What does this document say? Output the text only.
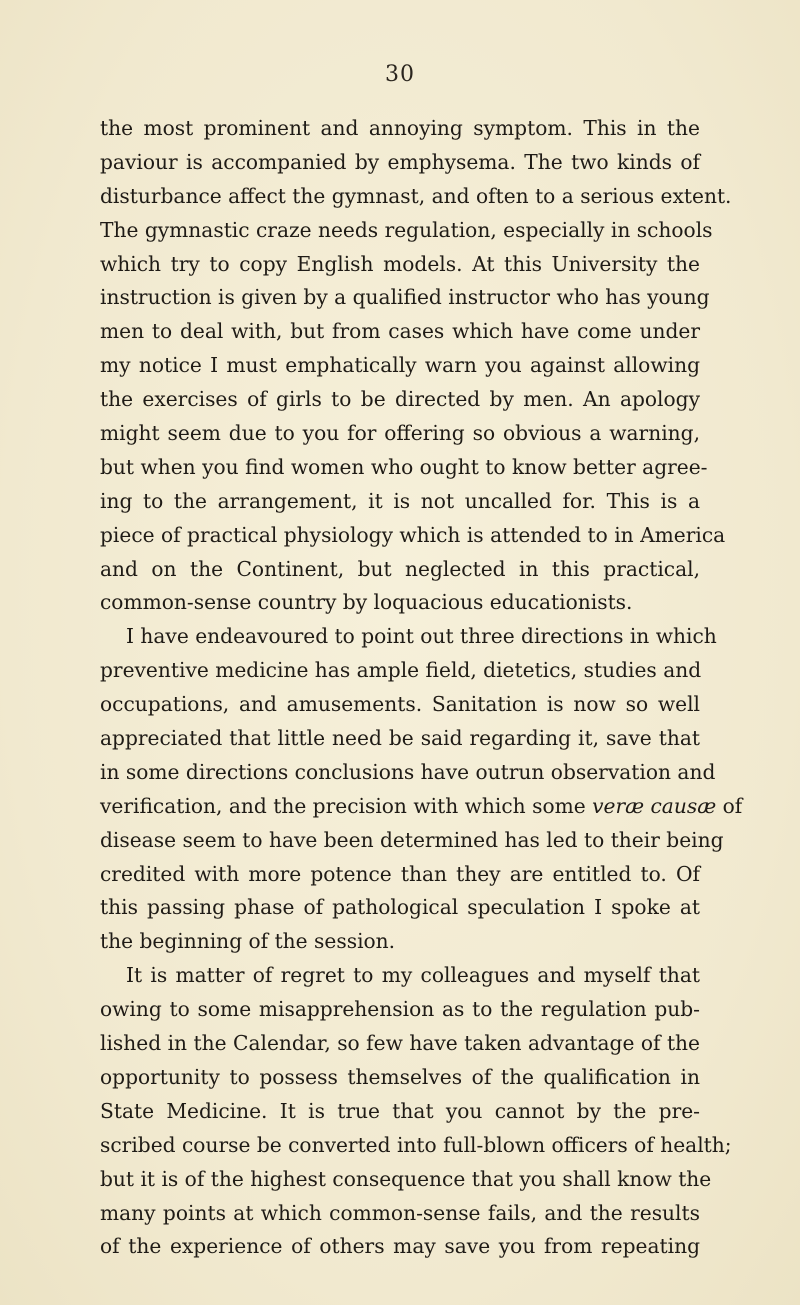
30
the most prominent and annoying symptom. This in the
paviour is accompanied by emphysema. The two kinds of
disturbance affect the gymnast, and often to a serious extent.
The gymnastic craze needs regulation, especially in schools
which try to copy English models. At this University the
instruction is given by a qualified instructor who has young
men to deal with, but from cases which have come under
my notice I must emphatically warn you against allowing
the exercises of girls to be directed by men. An apology
might seem due to you for offering so obvious a warning,
but when you find women who ought to know better agree-
ing to the arrangement, it is not uncalled for. This is a
piece of practical physiology which is attended to in America
and on the Continent, but neglected in this practical,
common-sense country by loquacious educationists.
I have endeavoured to point out three directions in which
preventive medicine has ample field, dietetics, studies and
occupations, and amusements. Sanitation is now so well
appreciated that little need be said regarding it, save that
in some directions conclusions have outrun observation and
verification, and the precision with which some veræ causæ of
disease seem to have been determined has led to their being
credited with more potence than they are entitled to. Of
this passing phase of pathological speculation I spoke at
the beginning of the session.
It is matter of regret to my colleagues and myself that
owing to some misapprehension as to the regulation pub-
lished in the Calendar, so few have taken advantage of the
opportunity to possess themselves of the qualification in
State Medicine. It is true that you cannot by the pre-
scribed course be converted into full-blown officers of health;
but it is of the highest consequence that you shall know the
many points at which common-sense fails, and the results
of the experience of others may save you from repeating
